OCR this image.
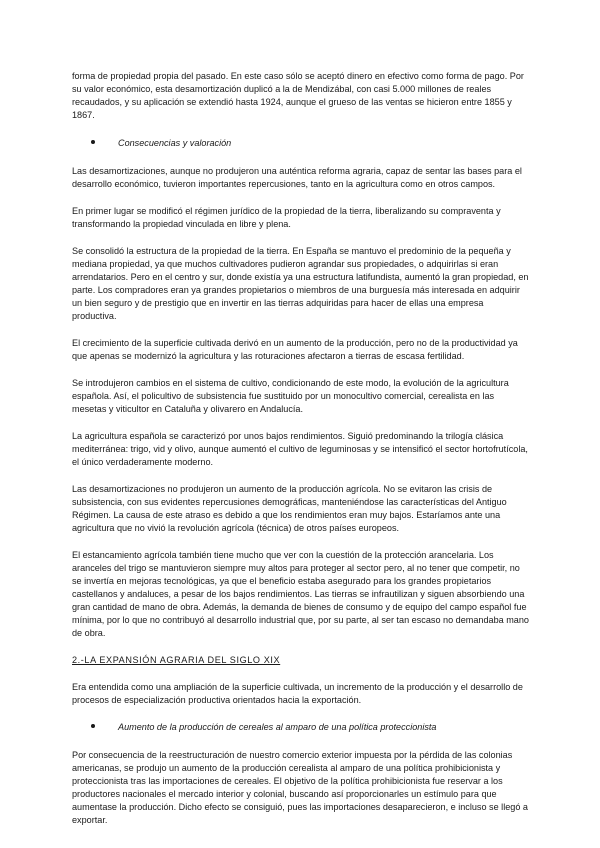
forma de propiedad propia del pasado. En este caso sólo se aceptó dinero en efectivo como forma de pago. Por su valor económico, esta desamortización duplicó a la de Mendizábal, con casi 5.000 millones de reales recaudados, y su aplicación se extendió hasta 1924, aunque el grueso de las ventas se hicieron entre 1855 y 1867.

Consecuencias y valoración

Las desamortizaciones, aunque no produjeron una auténtica reforma agraria, capaz de sentar las bases para el desarrollo económico, tuvieron importantes repercusiones, tanto en la agricultura como en otros campos.

En primer lugar se modificó el régimen jurídico de la propiedad de la tierra, liberalizando su compraventa y transformando la propiedad vinculada en libre y plena.

Se consolidó la estructura de la propiedad de la tierra. En España se mantuvo el predominio de la pequeña y mediana propiedad, ya que muchos cultivadores pudieron agrandar sus propiedades, o adquirirlas si eran arrendatarios. Pero en el centro y sur, donde existía ya una estructura latifundista, aumentó la gran propiedad, en parte. Los compradores eran ya grandes propietarios o miembros de una burguesía más interesada en adquirir un bien seguro y de prestigio que en invertir en las tierras adquiridas para hacer de ellas una empresa productiva.

El crecimiento de la superficie cultivada derivó en un aumento de la producción, pero no de la productividad ya que apenas se modernizó la agricultura y las roturaciones afectaron a tierras de escasa fertilidad.

Se introdujeron cambios en el sistema de cultivo, condicionando de este modo, la evolución de la agricultura española. Así, el policultivo de subsistencia fue sustituido por un monocultivo comercial, cerealista en las mesetas y viticultor en Cataluña y olivarero en Andalucía.

La agricultura española se caracterizó por unos bajos rendimientos. Siguió predominando la trilogía clásica mediterránea: trigo, vid y olivo, aunque aumentó el cultivo de leguminosas y se intensificó el sector hortofrutícola, el único verdaderamente moderno.

Las desamortizaciones no produjeron un aumento de la producción agrícola. No se evitaron las crisis de subsistencia, con sus evidentes repercusiones demográficas, manteniéndose las características del Antiguo Régimen. La causa de este atraso es debido a que los rendimientos eran muy bajos. Estaríamos ante una agricultura que no vivió la revolución agrícola (técnica) de otros países europeos.

El estancamiento agrícola también tiene mucho que ver con la cuestión de la protección arancelaria. Los aranceles del trigo se mantuvieron siempre muy altos para proteger al sector pero, al no tener que competir, no se invertía en mejoras tecnológicas, ya que el beneficio estaba asegurado para los grandes propietarios castellanos y andaluces, a pesar de los bajos rendimientos. Las tierras se infrautilizan y siguen absorbiendo una gran cantidad de mano de obra. Además, la demanda de bienes de consumo y de equipo del campo español fue mínima, por lo que no contribuyó al desarrollo industrial que, por su parte, al ser tan escaso no demandaba mano de obra.

2.-LA EXPANSIÓN AGRARIA DEL SIGLO XIX

Era entendida como una ampliación de la superficie cultivada, un incremento de la producción y el desarrollo de procesos de especialización productiva orientados hacia la exportación.

Aumento de la producción de cereales al amparo de una política proteccionista

Por consecuencia de la reestructuración de nuestro comercio exterior impuesta por la pérdida de las colonias americanas, se produjo un aumento de la producción cerealista al amparo de una política prohibicionista y proteccionista tras las importaciones de cereales. El objetivo de la política prohibicionista fue reservar a los productores nacionales el mercado interior y colonial, buscando así proporcionarles un estímulo para que aumentase la producción. Dicho efecto se consiguió, pues las importaciones desaparecieron, e incluso se llegó a exportar.
